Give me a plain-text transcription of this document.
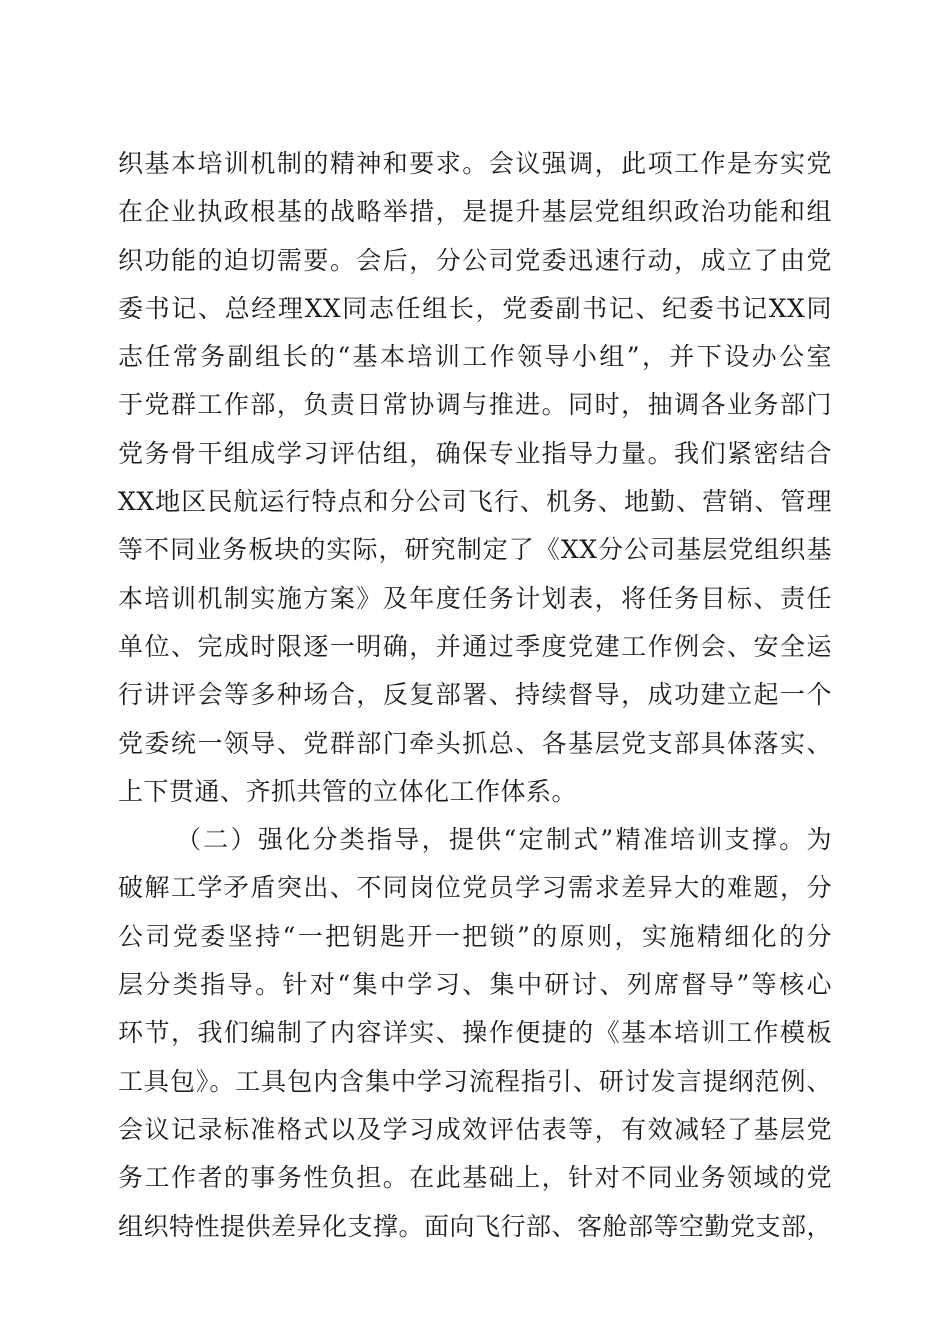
织基本培训机制的精神和要求。会议强调，此项工作是夯实党
在企业执政根基的战略举措，是提升基层党组织政治功能和组
织功能的迫切需要。会后，分公司党委迅速行动，成立了由党
委书记、总经理XX同志任组长，党委副书记、纪委书记XX同
志任常务副组长的“基本培训工作领导小组”，并下设办公室
于党群工作部，负责日常协调与推进。同时，抽调各业务部门
党务骨干组成学习评估组，确保专业指导力量。我们紧密结合
XX地区民航运行特点和分公司飞行、机务、地勤、营销、管理
等不同业务板块的实际，研究制定了《XX分公司基层党组织基
本培训机制实施方案》及年度任务计划表，将任务目标、责任
单位、完成时限逐一明确，并通过季度党建工作例会、安全运
行讲评会等多种场合，反复部署、持续督导，成功建立起一个
党委统一领导、党群部门牵头抓总、各基层党支部具体落实、
上下贯通、齐抓共管的立体化工作体系。
（二）强化分类指导，提供“定制式”精准培训支撑。为
破解工学矛盾突出、不同岗位党员学习需求差异大的难题，分
公司党委坚持“一把钥匙开一把锁”的原则，实施精细化的分
层分类指导。针对“集中学习、集中研讨、列席督导”等核心
环节，我们编制了内容详实、操作便捷的《基本培训工作模板
工具包》。工具包内含集中学习流程指引、研讨发言提纲范例、
会议记录标准格式以及学习成效评估表等，有效减轻了基层党
务工作者的事务性负担。在此基础上，针对不同业务领域的党
组织特性提供差异化支撑。面向飞行部、客舱部等空勤党支部，
